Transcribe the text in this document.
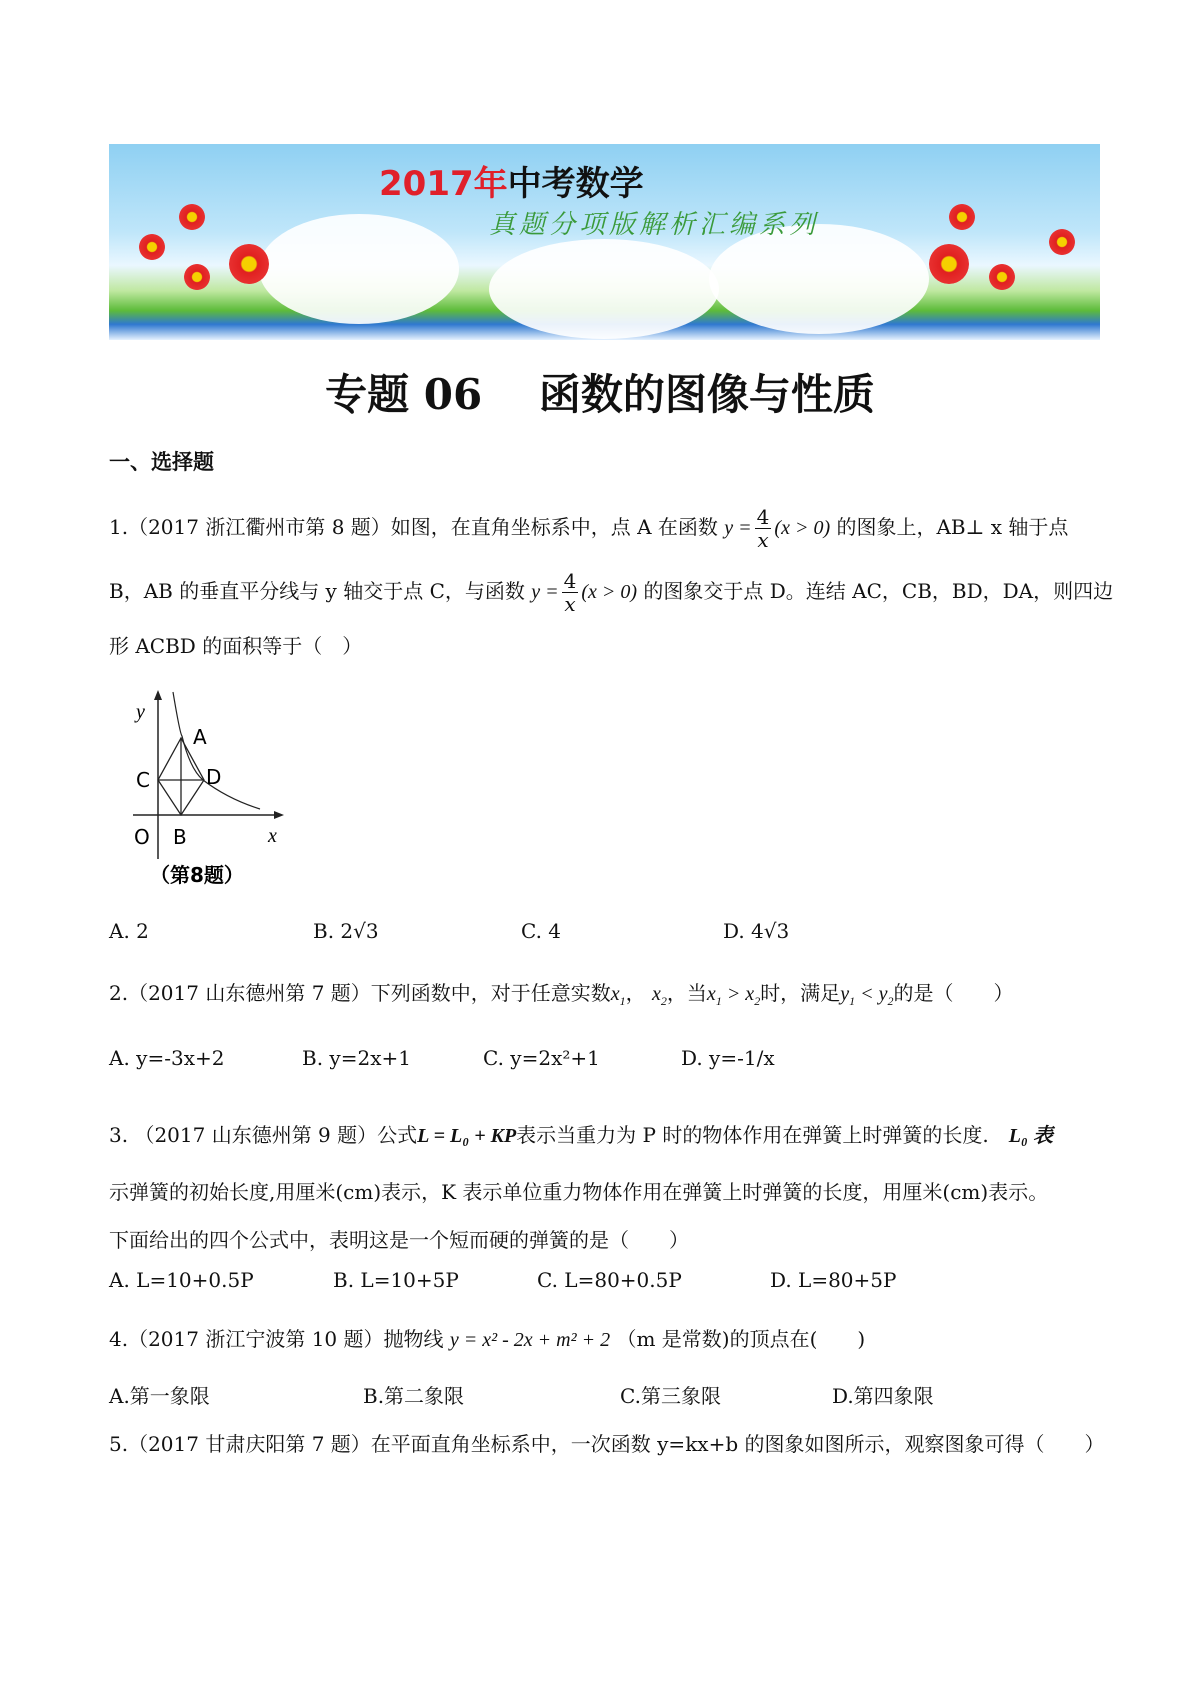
2017年中考数学
真题分项版解析汇编系列
专题 06　 函数的图像与性质
一、选择题
1.（2017 浙江衢州市第 8 题）如图，在直角坐标系中，点 A 在函数 $y = \frac{4}{x} (x > 0)$ 的图象上，AB⊥ x 轴于点
B，AB 的垂直平分线与 y 轴交于点 C，与函数 $y = \frac{4}{x} (x > 0)$ 的图象交于点 D。连结 AC，CB，BD，DA，则四边
形 ACBD 的面积等于（　）
y
A
D
C
O B	x
（第8题）
A. 2	B. 2√3	C. 4	D. 4√3
2.（2017 山东德州第 7 题）下列函数中，对于任意实数$x_1$， $x_2$，当$x_1 > x_2$时，满足$y_1 < y_2$的是（　　）
A. y=-3x+2	B. y=2x+1	C. y=2x²+1	D. y=-1/x
3. （2017 山东德州第 9 题）公式L = L₀ + KP表示当重力为 P 时的物体作用在弹簧上时弹簧的长度.　 L₀ 表
示弹簧的初始长度,用厘米(cm)表示，K 表示单位重力物体作用在弹簧上时弹簧的长度，用厘米(cm)表示。
下面给出的四个公式中，表明这是一个短而硬的弹簧的是（　　）
A. L=10+0.5P	B. L=10+5P	C. L=80+0.5P	D. L=80+5P
4.（2017 浙江宁波第 10 题）抛物线 y = x² - 2x + m² + 2 （m 是常数)的顶点在(　　)
A.第一象限	B.第二象限	C.第三象限	D.第四象限
5.（2017 甘肃庆阳第 7 题）在平面直角坐标系中，一次函数 y=kx+b 的图象如图所示，观察图象可得（　　）
